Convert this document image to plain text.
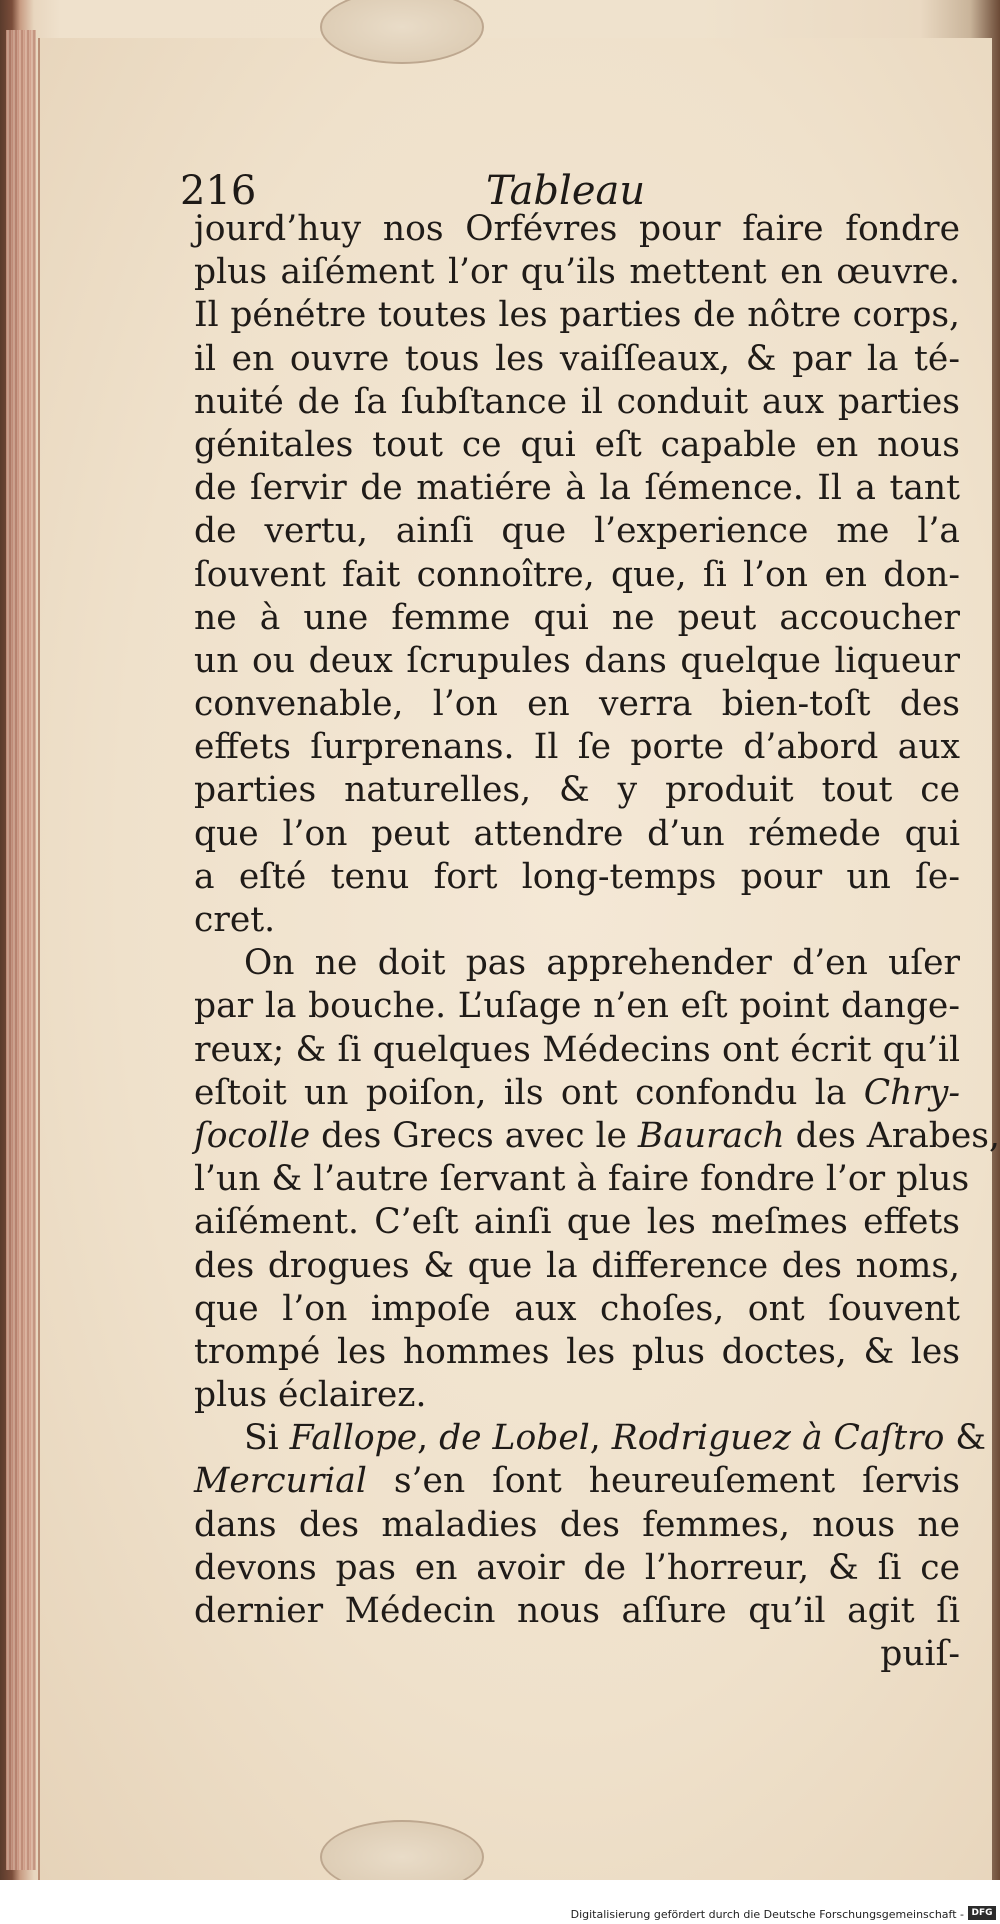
216	Tableau
jourd’huy nos Orfévres pour faire fondre
plus aiſément l’or qu’ils mettent en œuvre.
Il pénétre toutes les parties de nôtre corps,
il en ouvre tous les vaiſſeaux, & par la té-
nuité de ſa ſubſtance il conduit aux parties
génitales tout ce qui eſt capable en nous
de ſervir de matiére à la ſémence. Il a tant
de vertu, ainſi que l’experience me l’a
ſouvent fait connoître, que, ſi l’on en don-
ne à une femme qui ne peut accoucher
un ou deux ſcrupules dans quelque liqueur
convenable, l’on en verra bien-toſt des
effets ſurprenans. Il ſe porte d’abord aux
parties naturelles, & y produit tout ce
que l’on peut attendre d’un rémede qui
a eſté tenu fort long-temps pour un ſe-
cret.
On ne doit pas apprehender d’en uſer
par la bouche. L’uſage n’en eſt point dange-
reux; & ſi quelques Médecins ont écrit qu’il
eſtoit un poiſon, ils ont confondu la Chry-
ſocolle des Grecs avec le Baurach des Arabes,
l’un & l’autre ſervant à faire fondre l’or plus
aiſément. C’eſt ainſi que les meſmes effets
des drogues & que la difference des noms,
que l’on impoſe aux choſes, ont ſouvent
trompé les hommes les plus doctes, & les
plus éclairez.
Si Fallope, de Lobel, Rodriguez à Caſtro &
Mercurial s’en ſont heureuſement ſervis
dans des maladies des femmes, nous ne
devons pas en avoir de l’horreur, & ſi ce
dernier Médecin nous aſſure qu’il agit ſi
puiſ-
Digitalisierung gefördert durch die Deutsche Forschungsgemeinschaft - DFG
